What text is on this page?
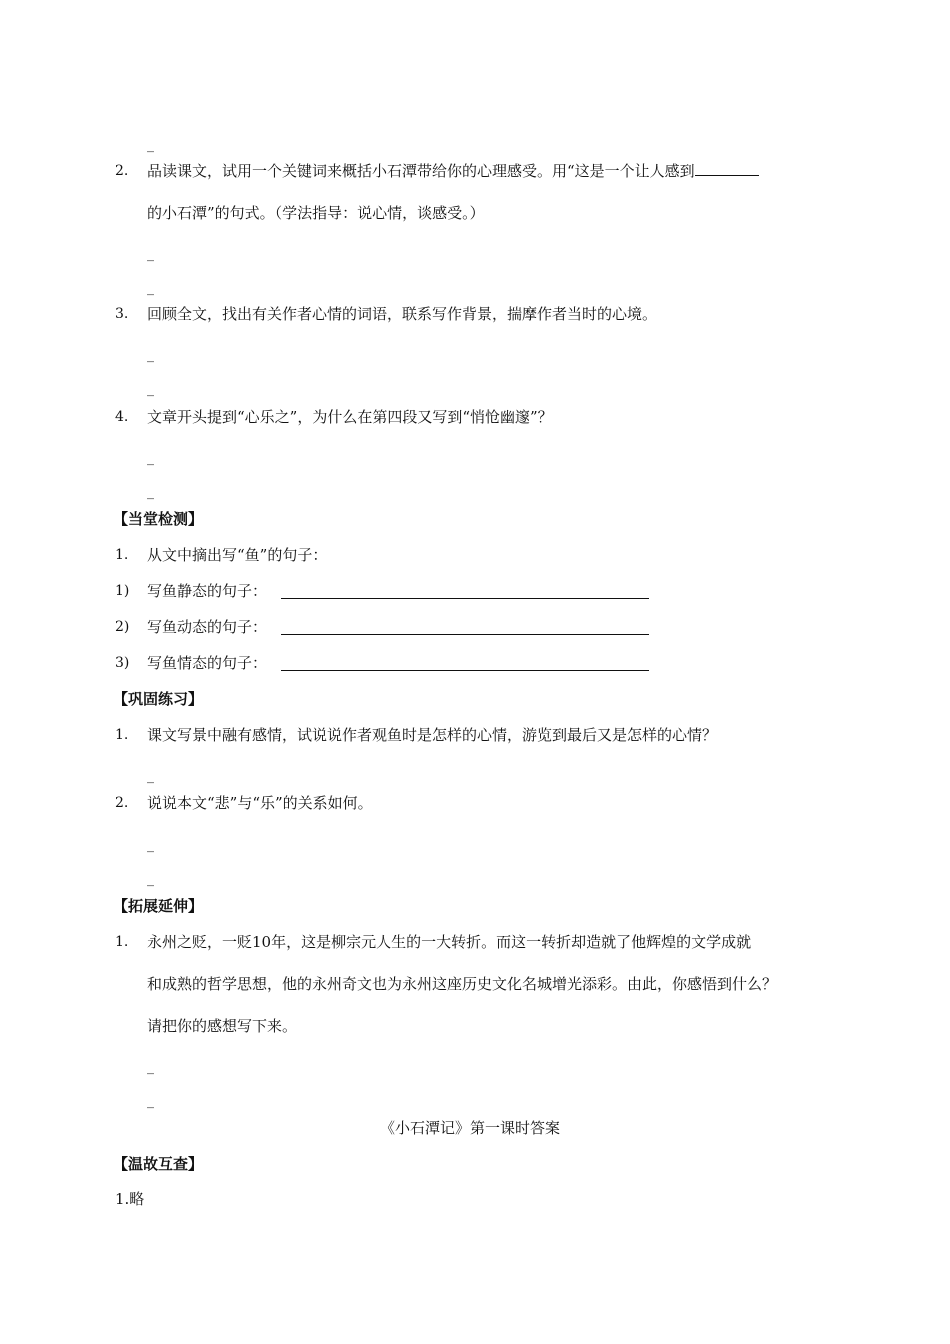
_
2. 品读课文，试用一个关键词来概括小石潭带给你的心理感受。用“这是一个让人感到
的小石潭”的句式。（学法指导：说心情，谈感受。）
_
_
3. 回顾全文，找出有关作者心情的词语，联系写作背景，揣摩作者当时的心境。
_
_
4. 文章开头提到“心乐之”，为什么在第四段又写到“悄怆幽邃”？
_
_
【当堂检测】
1. 从文中摘出写“鱼”的句子：
1) 写鱼静态的句子：
2) 写鱼动态的句子：
3) 写鱼情态的句子：
【巩固练习】
1. 课文写景中融有感情，试说说作者观鱼时是怎样的心情，游览到最后又是怎样的心情？
_
2. 说说本文“悲”与“乐”的关系如何。
_
_
【拓展延伸】
1. 永州之贬，一贬10年，这是柳宗元人生的一大转折。而这一转折却造就了他辉煌的文学成就
和成熟的哲学思想，他的永州奇文也为永州这座历史文化名城增光添彩。由此，你感悟到什么？
请把你的感想写下来。
_
_
《小石潭记》第一课时答案
【温故互查】
1.略
